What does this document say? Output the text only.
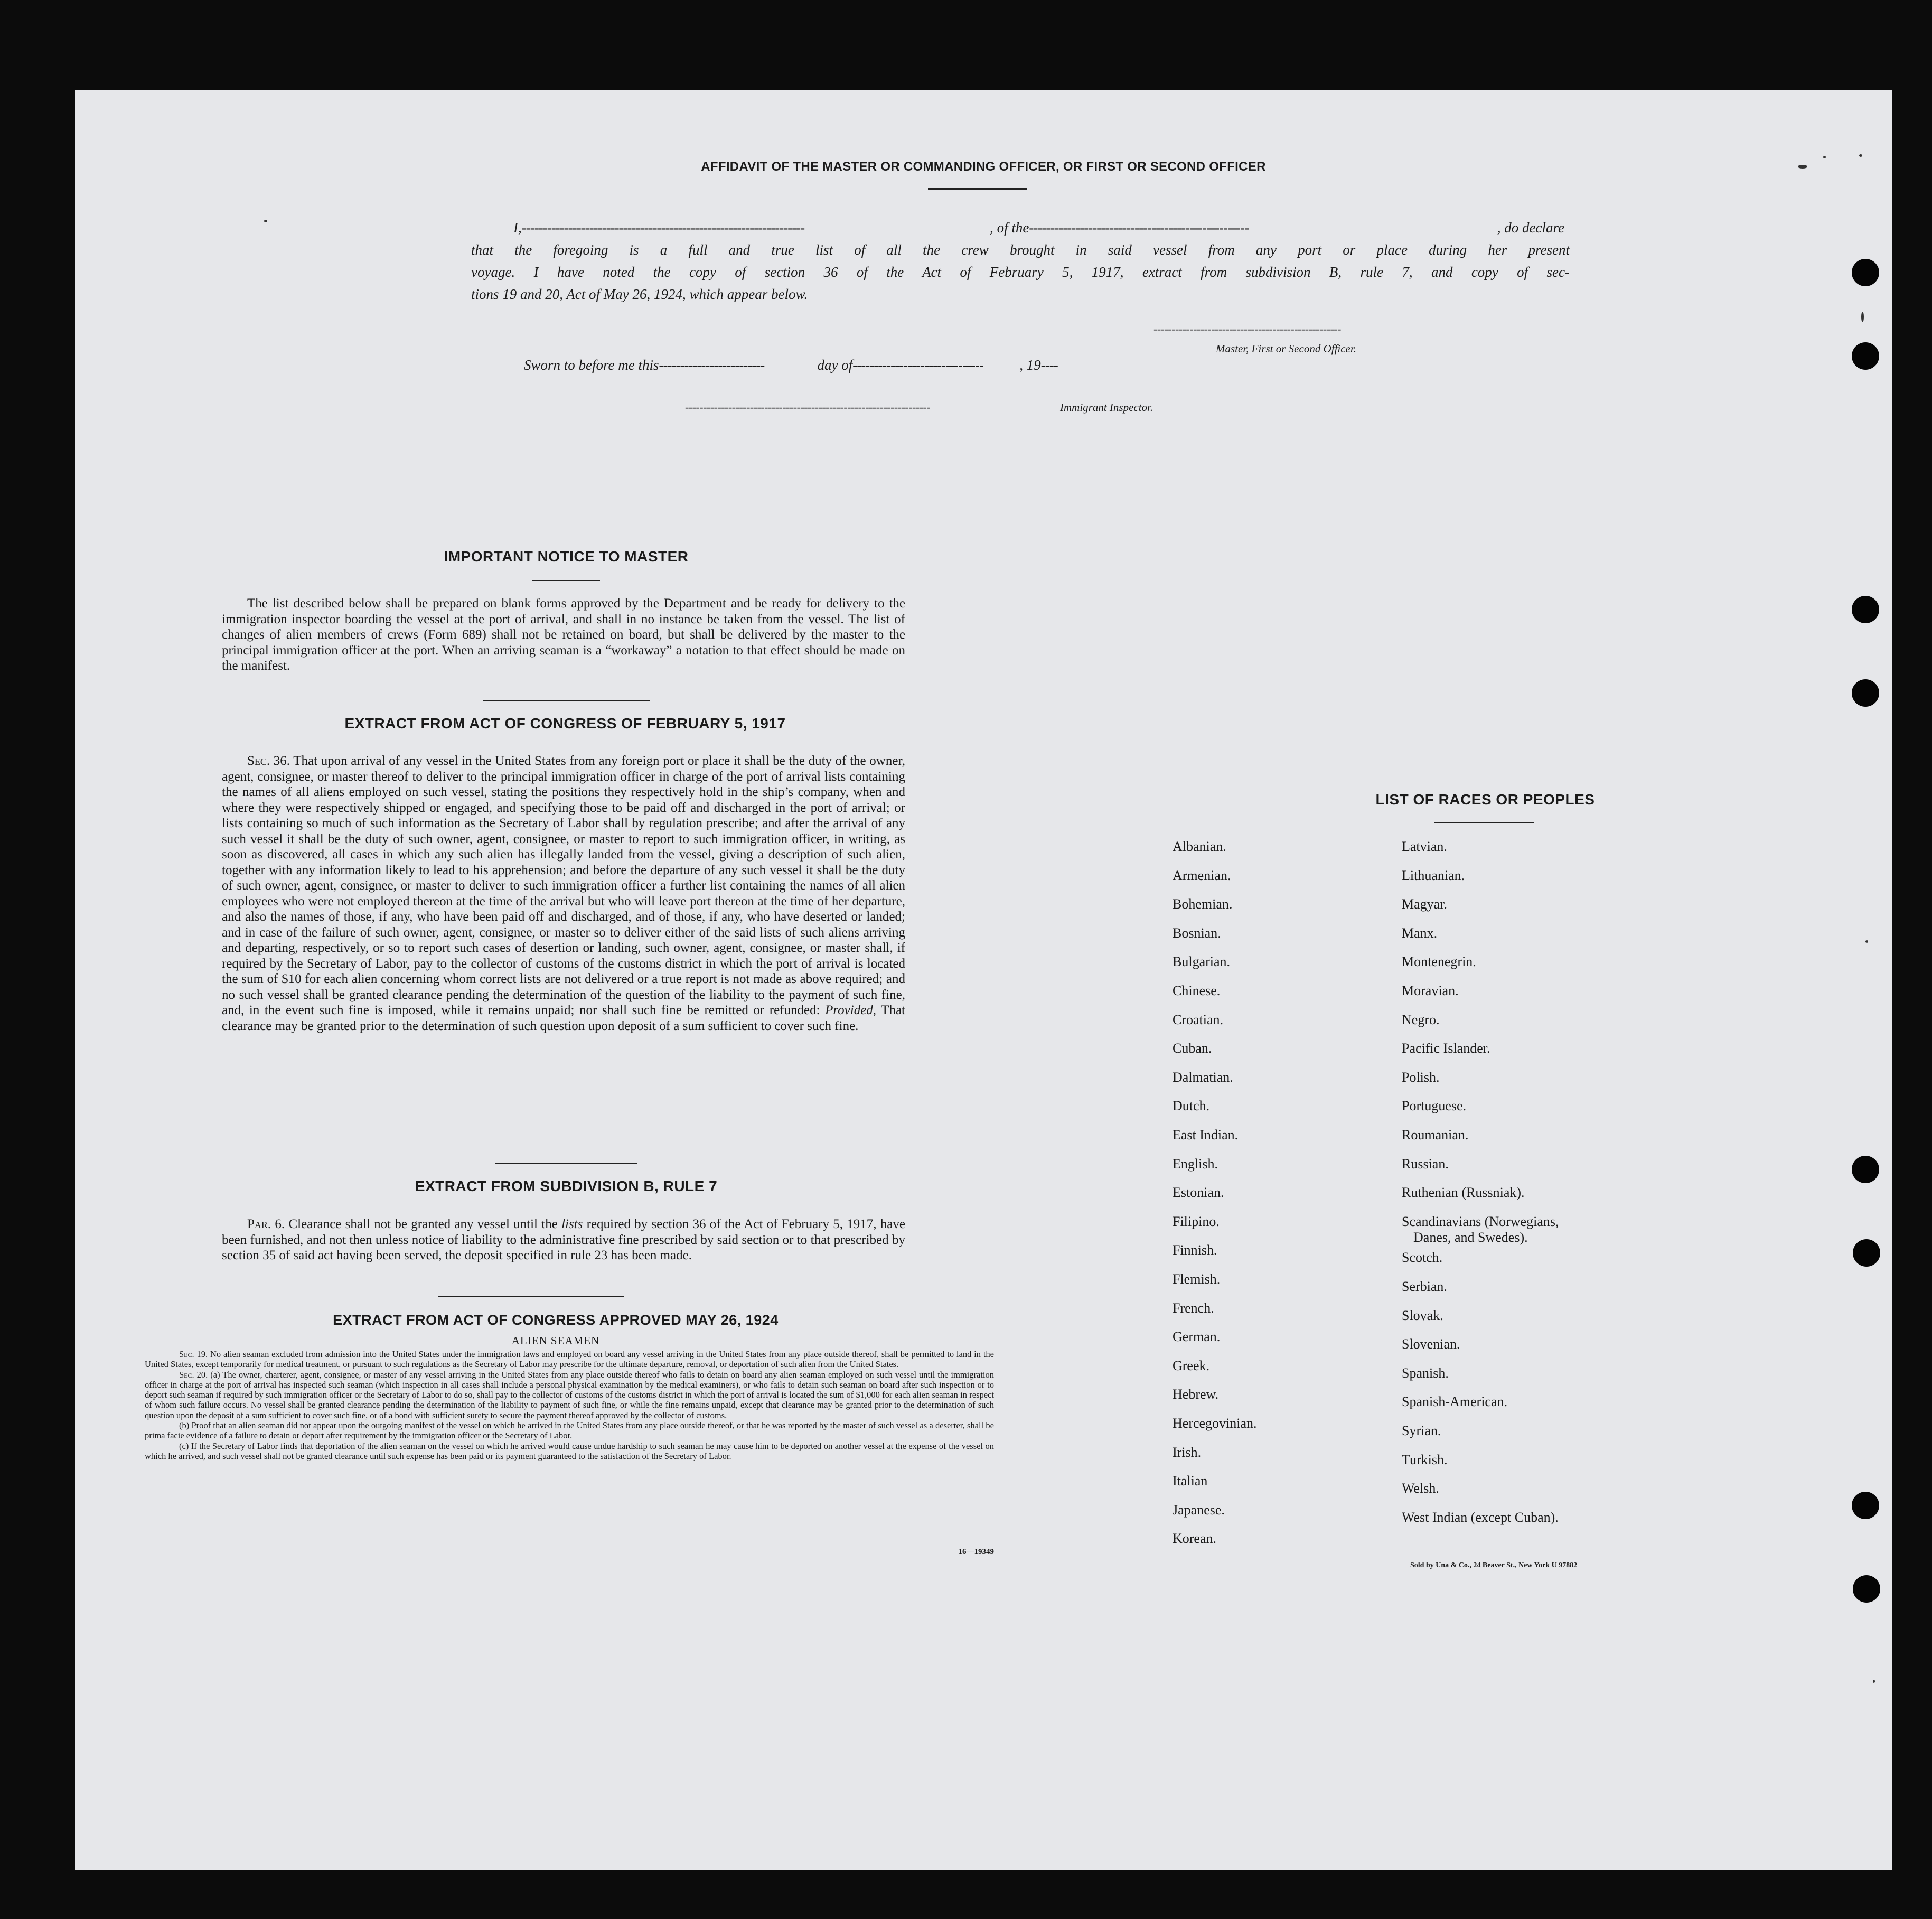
AFFIDAVIT OF THE MASTER OR COMMANDING OFFICER, OR FIRST OR SECOND OFFICER
I, -------------------------------------------------------------------	, of the ----------------------------------------------------	, do declare
that the foregoing is a full and true list of all the crew brought in said vessel from any port or place during her present
voyage. I have noted the copy of section 36 of the Act of February 5, 1917, extract from subdivision B, rule 7, and copy of sec-
tions 19 and 20, Act of May 26, 1924, which appear below.
----------------------------------------------------
Master, First or Second Officer.
Sworn to before me this -------------------------	day of -------------------------------	, 19 ----
--------------------------------------------------------------------	Immigrant Inspector.
IMPORTANT NOTICE TO MASTER
The list described below shall be prepared on blank forms approved by the Department and be ready for delivery to the immigration inspector boarding the vessel at the port of arrival, and shall in no instance be taken from the vessel. The list of changes of alien members of crews (Form 689) shall not be retained on board, but shall be delivered by the master to the principal immigration officer at the port. When an arriving seaman is a “workaway” a notation to that effect should be made on the manifest.
EXTRACT FROM ACT OF CONGRESS OF FEBRUARY 5, 1917
Sec. 36. That upon arrival of any vessel in the United States from any foreign port or place it shall be the duty of the owner, agent, consignee, or master thereof to deliver to the principal immigration officer in charge of the port of arrival lists containing the names of all aliens employed on such vessel, stating the positions they respectively hold in the ship’s company, when and where they were respectively shipped or engaged, and specifying those to be paid off and discharged in the port of arrival; or lists containing so much of such information as the Secretary of Labor shall by regulation prescribe; and after the arrival of any such vessel it shall be the duty of such owner, agent, consignee, or master to report to such immigration officer, in writing, as soon as discovered, all cases in which any such alien has illegally landed from the vessel, giving a description of such alien, together with any information likely to lead to his apprehension; and before the departure of any such vessel it shall be the duty of such owner, agent, consignee, or master to deliver to such immigration officer a further list containing the names of all alien employees who were not employed thereon at the time of the arrival but who will leave port thereon at the time of her departure, and also the names of those, if any, who have been paid off and discharged, and of those, if any, who have deserted or landed; and in case of the failure of such owner, agent, consignee, or master so to deliver either of the said lists of such aliens arriving and departing, respectively, or so to report such cases of desertion or landing, such owner, agent, consignee, or master shall, if required by the Secretary of Labor, pay to the collector of customs of the customs district in which the port of arrival is located the sum of $10 for each alien concerning whom correct lists are not delivered or a true report is not made as above required; and no such vessel shall be granted clearance pending the determination of the question of the liability to the payment of such fine, and, in the event such fine is imposed, while it remains unpaid; nor shall such fine be remitted or refunded: Provided, That clearance may be granted prior to the determination of such question upon deposit of a sum sufficient to cover such fine.
EXTRACT FROM SUBDIVISION B, RULE 7
Par. 6. Clearance shall not be granted any vessel until the lists required by section 36 of the Act of February 5, 1917, have been furnished, and not then unless notice of liability to the administrative fine prescribed by said section or to that prescribed by section 35 of said act having been served, the deposit specified in rule 23 has been made.
EXTRACT FROM ACT OF CONGRESS APPROVED MAY 26, 1924
ALIEN SEAMEN
Sec. 19. No alien seaman excluded from admission into the United States under the immigration laws and employed on board any vessel arriving in the United States from any place outside thereof, shall be permitted to land in the United States, except temporarily for medical treatment, or pursuant to such regulations as the Secretary of Labor may prescribe for the ultimate departure, removal, or deportation of such alien from the United States.
Sec. 20. (a) The owner, charterer, agent, consignee, or master of any vessel arriving in the United States from any place outside thereof who fails to detain on board any alien seaman employed on such vessel until the immigration officer in charge at the port of arrival has inspected such seaman (which inspection in all cases shall include a personal physical examination by the medical examiners), or who fails to detain such seaman on board after such inspection or to deport such seaman if required by such immigration officer or the Secretary of Labor to do so, shall pay to the collector of customs of the customs district in which the port of arrival is located the sum of $1,000 for each alien seaman in respect of whom such failure occurs. No vessel shall be granted clearance pending the determination of the liability to payment of such fine, or while the fine remains unpaid, except that clearance may be granted prior to the determination of such question upon the deposit of a sum sufficient to cover such fine, or of a bond with sufficient surety to secure the payment thereof approved by the collector of customs.
(b) Proof that an alien seaman did not appear upon the outgoing manifest of the vessel on which he arrived in the United States from any place outside thereof, or that he was reported by the master of such vessel as a deserter, shall be prima facie evidence of a failure to detain or deport after requirement by the immigration officer or the Secretary of Labor.
(c) If the Secretary of Labor finds that deportation of the alien seaman on the vessel on which he arrived would cause undue hardship to such seaman he may cause him to be deported on another vessel at the expense of the vessel on which he arrived, and such vessel shall not be granted clearance until such expense has been paid or its payment guaranteed to the satisfaction of the Secretary of Labor.
16—19349
LIST OF RACES OR PEOPLES
Sold by Una & Co., 24 Beaver St., New York U 97882
Albanian.
Armenian.
Bohemian.
Bosnian.
Bulgarian.
Chinese.
Croatian.
Cuban.
Dalmatian.
Dutch.
East Indian.
English.
Estonian.
Filipino.
Finnish.
Flemish.
French.
German.
Greek.
Hebrew.
Hercegovinian.
Irish.
Italian
Japanese.
Korean.
Latvian.
Lithuanian.
Magyar.
Manx.
Montenegrin.
Moravian.
Negro.
Pacific Islander.
Polish.
Portuguese.
Roumanian.
Russian.
Ruthenian (Russniak).
Scandinavians (Norwegians,
Danes, and Swedes).
Scotch.
Serbian.
Slovak.
Slovenian.
Spanish.
Spanish-American.
Syrian.
Turkish.
Welsh.
West Indian (except Cuban).
